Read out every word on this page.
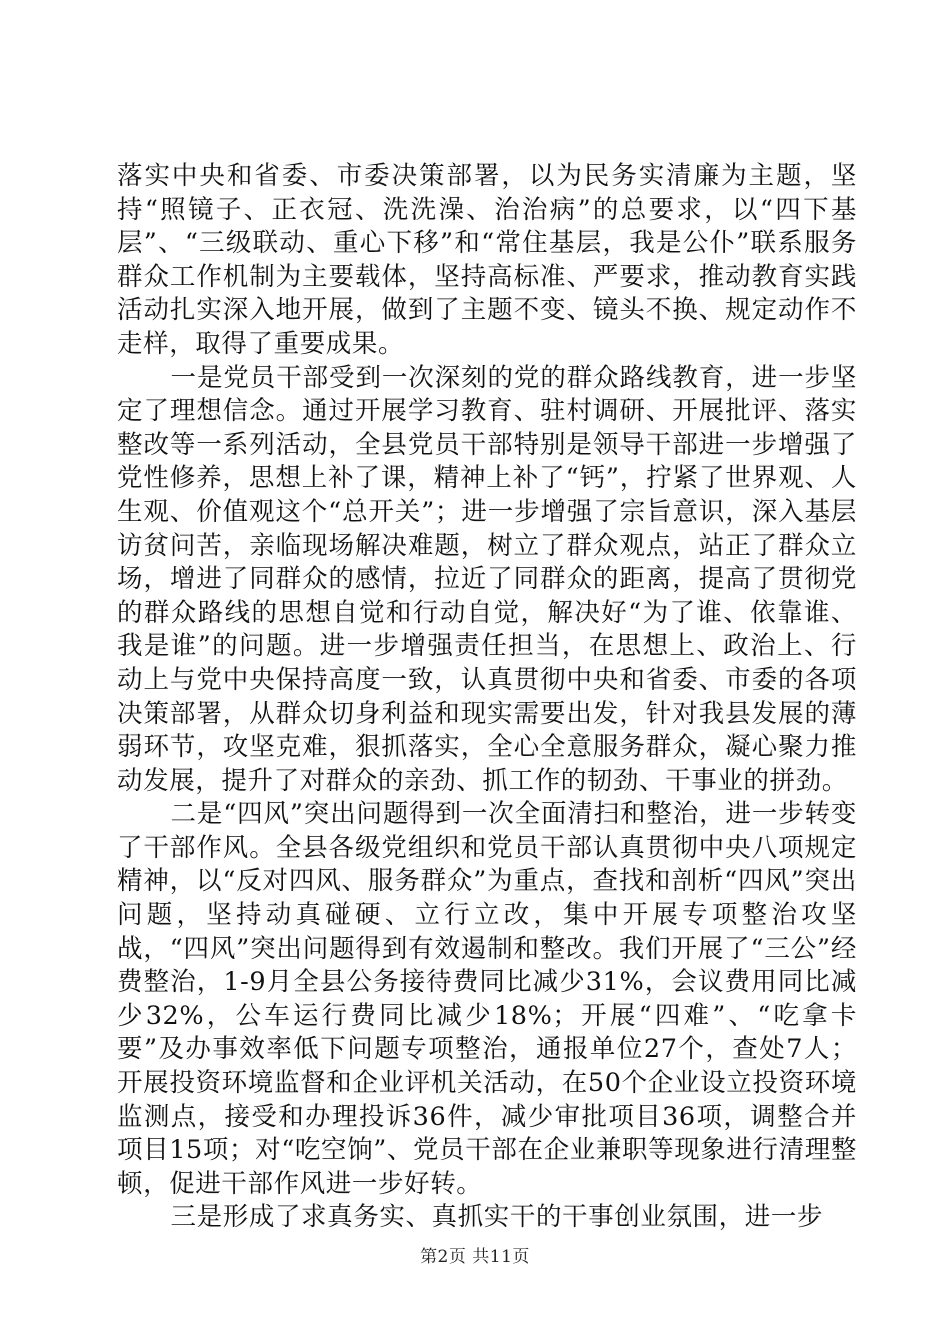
落实中央和省委、市委决策部署，以为民务实清廉为主题，坚持“照镜子、正衣冠、洗洗澡、治治病”的总要求，以“四下基层”、“三级联动、重心下移”和“常住基层，我是公仆”联系服务群众工作机制为主要载体，坚持高标准、严要求，推动教育实践活动扎实深入地开展，做到了主题不变、镜头不换、规定动作不走样，取得了重要成果。

一是党员干部受到一次深刻的党的群众路线教育，进一步坚定了理想信念。通过开展学习教育、驻村调研、开展批评、落实整改等一系列活动，全县党员干部特别是领导干部进一步增强了党性修养，思想上补了课，精神上补了“钙”，拧紧了世界观、人生观、价值观这个“总开关”；进一步增强了宗旨意识，深入基层访贫问苦，亲临现场解决难题，树立了群众观点，站正了群众立场，增进了同群众的感情，拉近了同群众的距离，提高了贯彻党的群众路线的思想自觉和行动自觉，解决好“为了谁、依靠谁、我是谁”的问题。进一步增强责任担当，在思想上、政治上、行动上与党中央保持高度一致，认真贯彻中央和省委、市委的各项决策部署，从群众切身利益和现实需要出发，针对我县发展的薄弱环节，攻坚克难，狠抓落实，全心全意服务群众，凝心聚力推动发展，提升了对群众的亲劲、抓工作的韧劲、干事业的拼劲。

二是“四风”突出问题得到一次全面清扫和整治，进一步转变了干部作风。全县各级党组织和党员干部认真贯彻中央八项规定精神，以“反对四风、服务群众”为重点，查找和剖析“四风”突出问题，坚持动真碰硬、立行立改，集中开展专项整治攻坚战，“四风”突出问题得到有效遏制和整改。我们开展了“三公”经费整治，1-9月全县公务接待费同比减少31%，会议费用同比减少32%，公车运行费同比减少18%；开展“四难”、“吃拿卡要”及办事效率低下问题专项整治，通报单位27个，查处7人；开展投资环境监督和企业评机关活动，在50个企业设立投资环境监测点，接受和办理投诉36件，减少审批项目36项，调整合并项目15项；对“吃空饷”、党员干部在企业兼职等现象进行清理整顿，促进干部作风进一步好转。

三是形成了求真务实、真抓实干的干事创业氛围，进一步

第2页 共11页
